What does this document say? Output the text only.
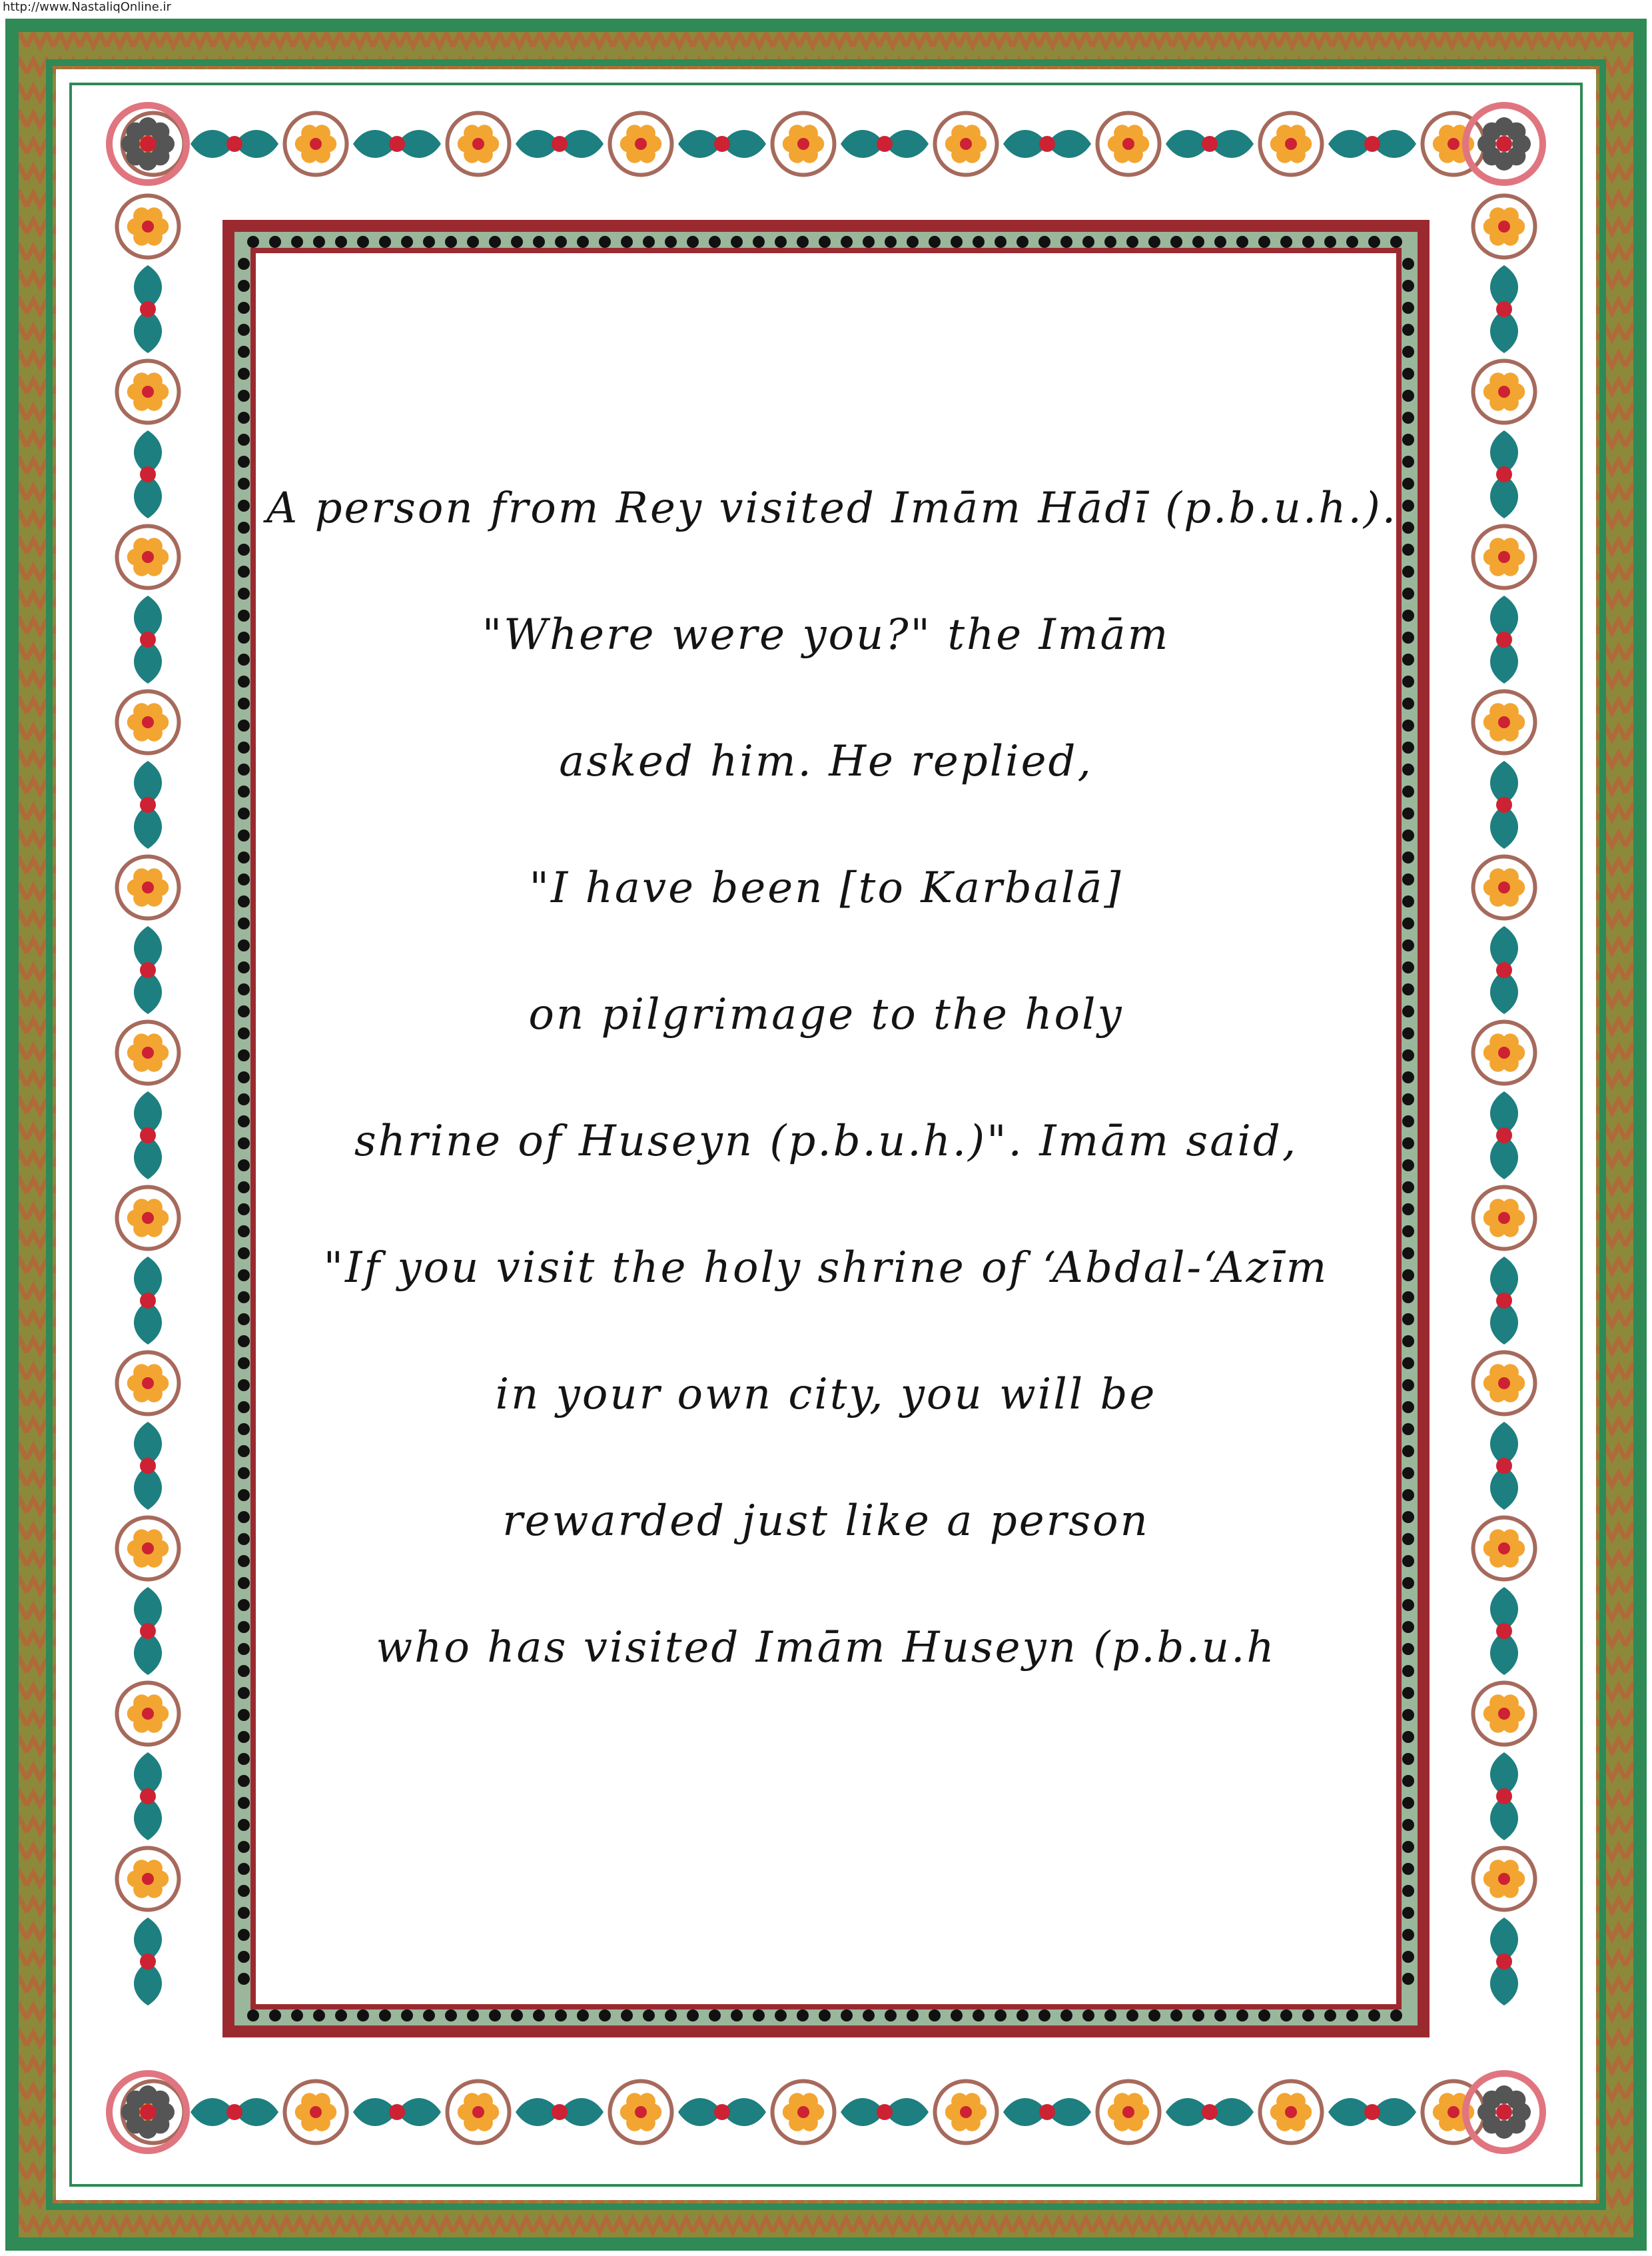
http://www.NastaliqOnline.ir
A person from Rey visited Imām Hādī (p.b.u.h.).
"Where were you?" the Imām
asked him. He replied,
"I have been [to Karbalā]
on pilgrimage to the holy
shrine of Huseyn (p.b.u.h.)". Imām said,
"If you visit the holy shrine of ‘Abdal-‘Azīm
in your own city, you will be
rewarded just like a person
who has visited Imām Huseyn (p.b.u.h
